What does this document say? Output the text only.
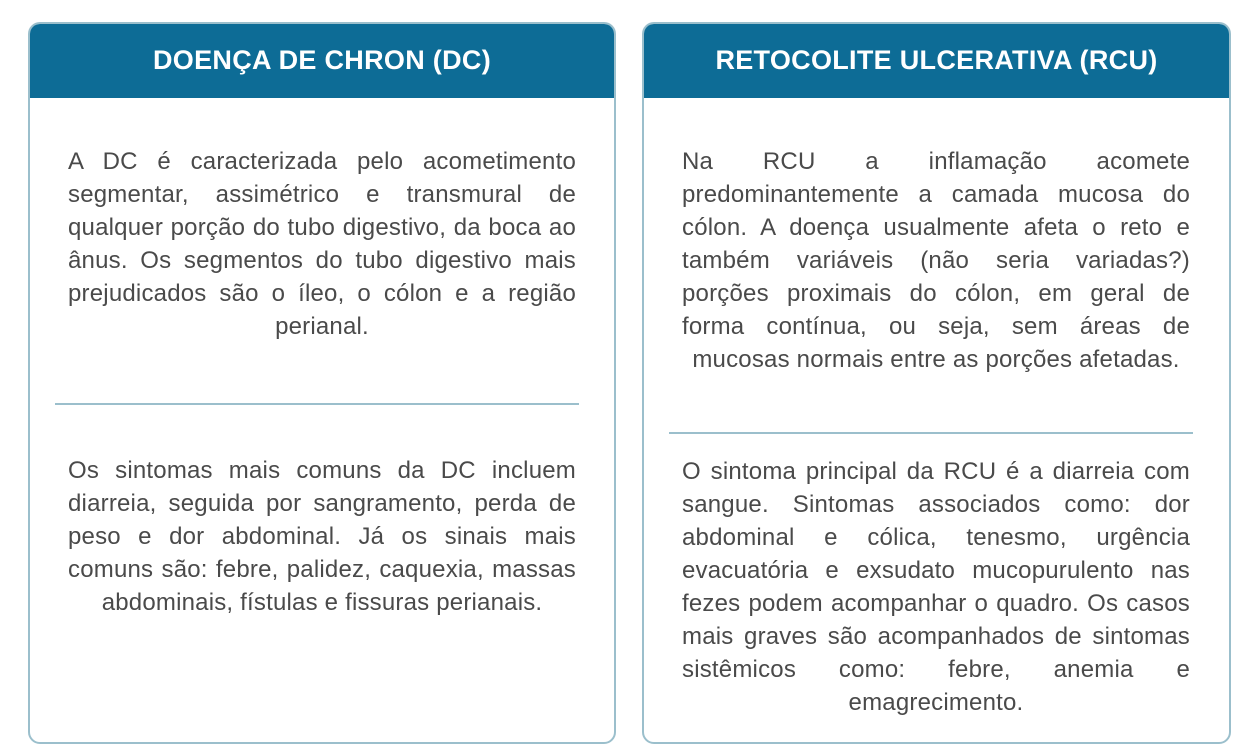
DOENÇA DE CHRON (DC)
A DC é caracterizada pelo acometimento segmentar, assimétrico e transmural de qualquer porção do tubo digestivo, da boca ao ânus. Os segmentos do tubo digestivo mais prejudicados são o íleo, o cólon e a região perianal.
Os sintomas mais comuns da DC incluem diarreia, seguida por sangramento, perda de peso e dor abdominal. Já os sinais mais comuns são: febre, palidez, caquexia, massas abdominais, fístulas e fissuras perianais.
RETOCOLITE ULCERATIVA (RCU)
Na RCU a inflamação acomete predominantemente a camada mucosa do cólon. A doença usualmente afeta o reto e também variáveis (não seria variadas?) porções proximais do cólon, em geral de forma contínua, ou seja, sem áreas de mucosas normais entre as porções afetadas.
O sintoma principal da RCU é a diarreia com sangue. Sintomas associados como: dor abdominal e cólica, tenesmo, urgência evacuatória e exsudato mucopurulento nas fezes podem acompanhar o quadro. Os casos mais graves são acompanhados de sintomas sistêmicos como: febre, anemia e emagrecimento.
